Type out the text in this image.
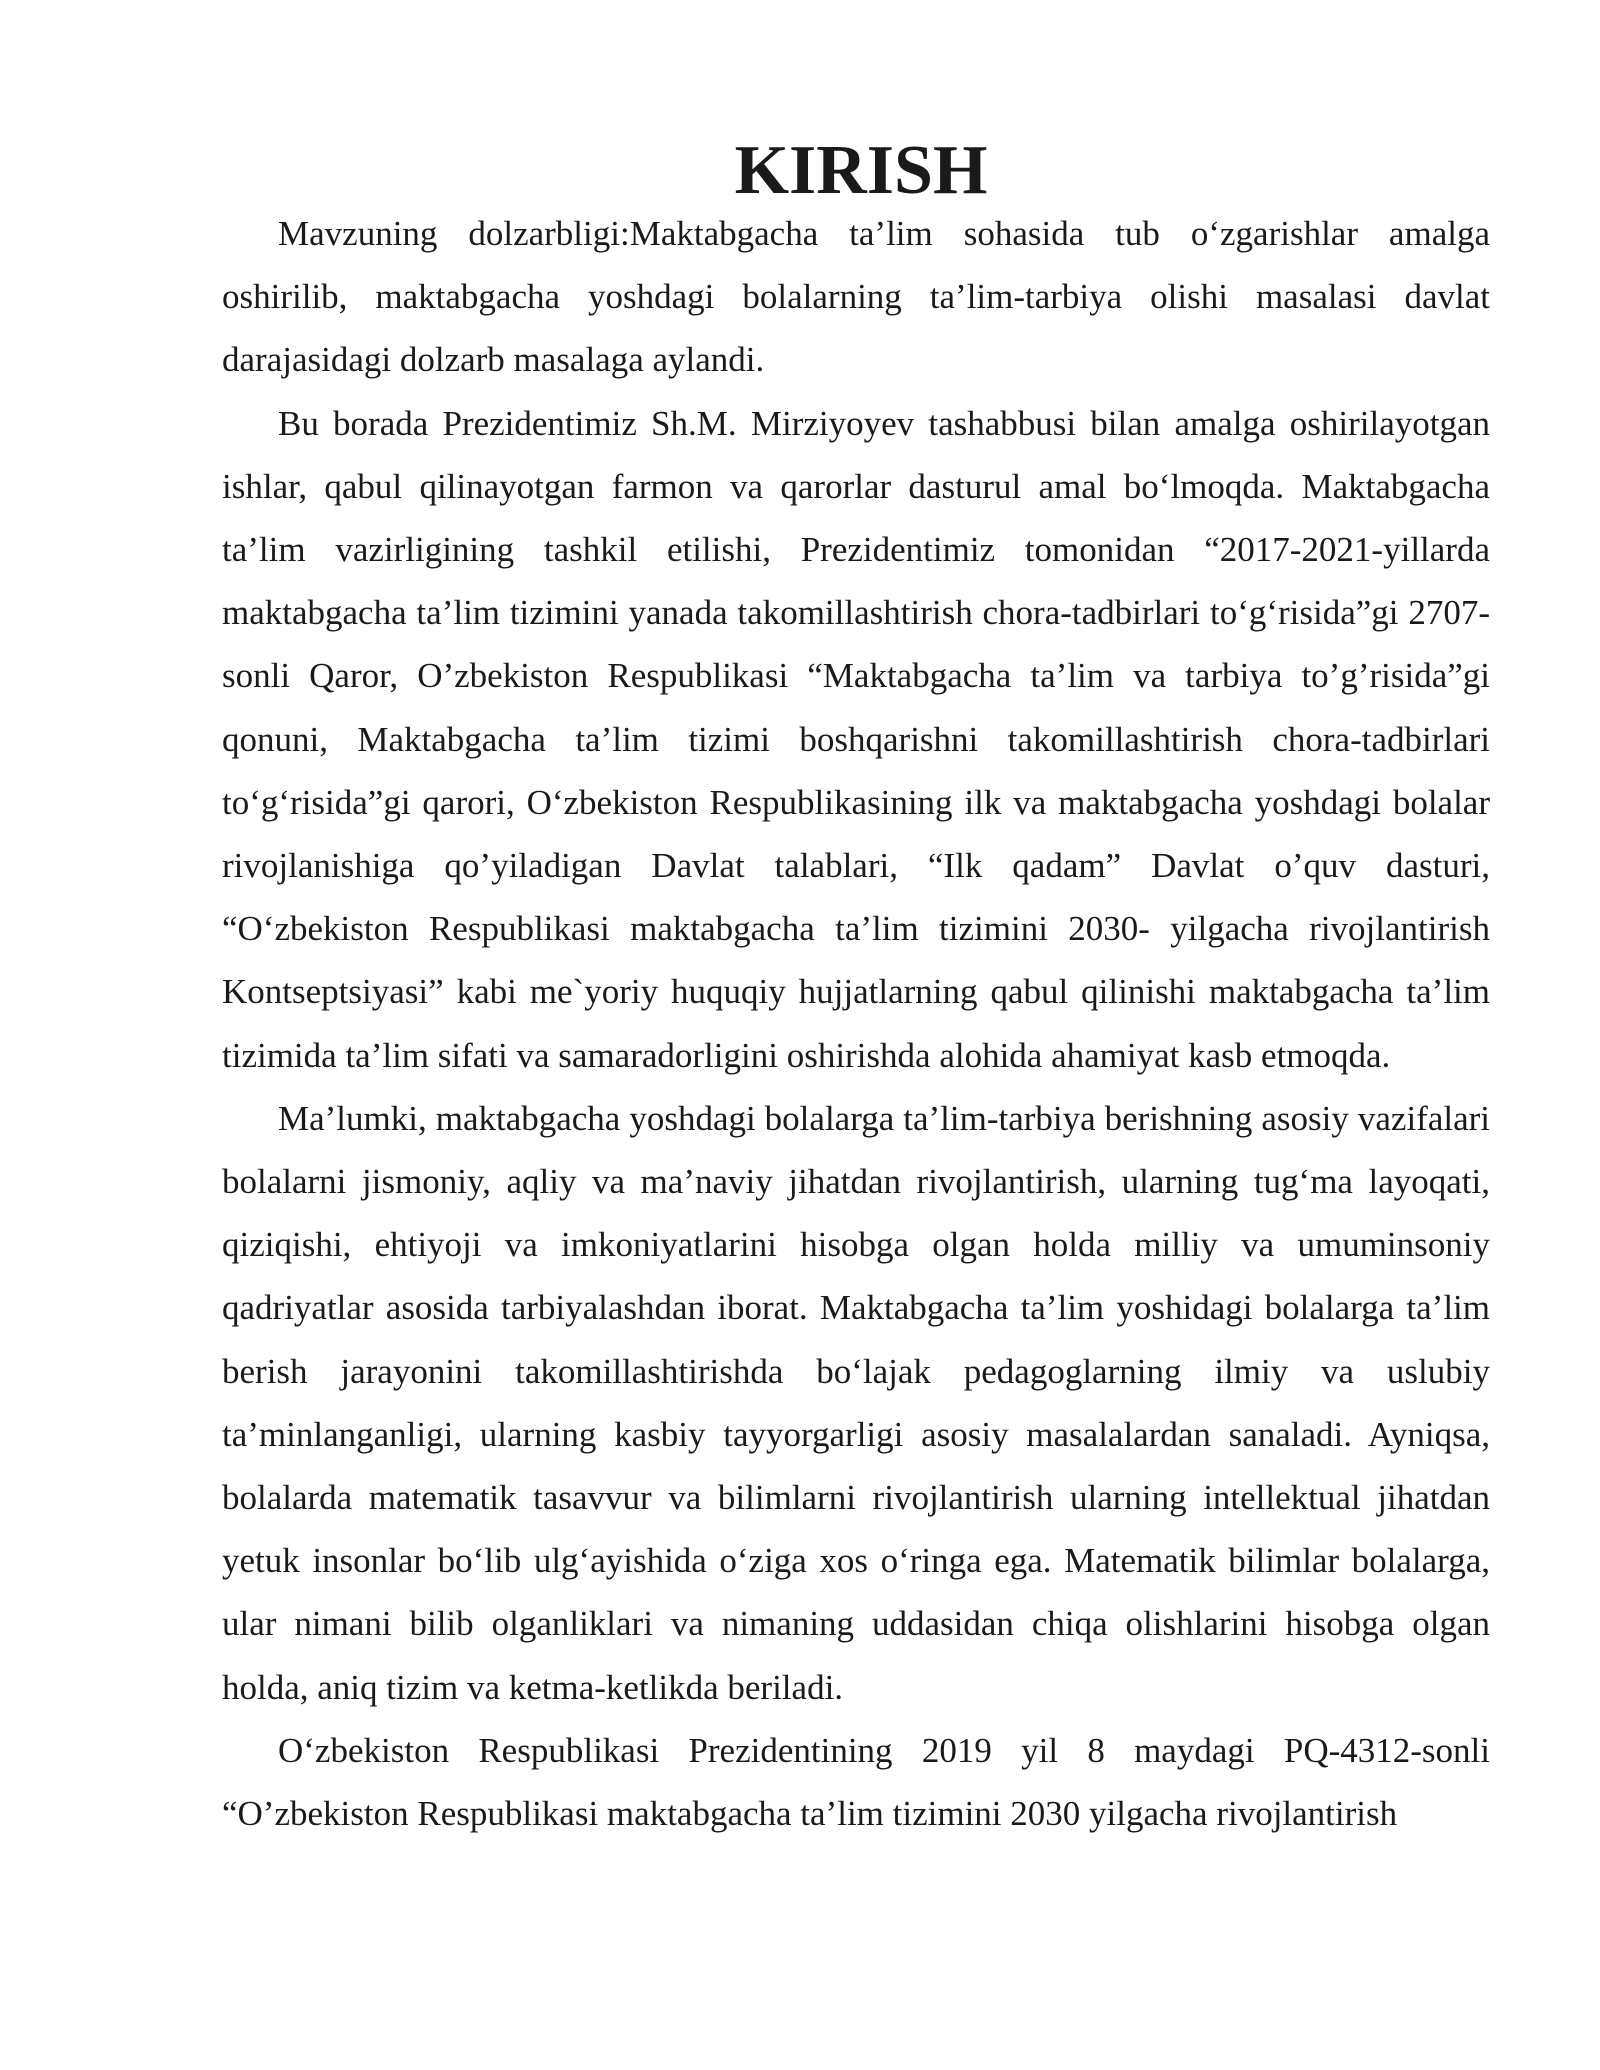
KIRISH

Mavzuning dolzarbligi:Maktabgacha ta’lim sohasida tub o‘zgarishlar amalga oshirilib, maktabgacha yoshdagi bolalarning ta’lim-tarbiya olishi masalasi davlat darajasidagi dolzarb masalaga aylandi.

Bu borada Prezidentimiz Sh.M. Mirziyoyev tashabbusi bilan amalga oshirilayotgan ishlar, qabul qilinayotgan farmon va qarorlar dasturul amal bo‘lmoqda. Maktabgacha ta’lim vazirligining tashkil etilishi, Prezidentimiz tomonidan “2017-2021-yillarda maktabgacha ta’lim tizimini yanada takomillashtirish chora-tadbirlari to‘g‘risida”gi 2707-sonli Qaror, O’zbekiston Respublikasi “Maktabgacha ta’lim va tarbiya to’g’risida”gi qonuni, Maktabgacha ta’lim tizimi boshqarishni takomillashtirish chora-tadbirlari to‘g‘risida”gi qarori, O‘zbekiston Respublikasining ilk va maktabgacha yoshdagi bolalar rivojlanishiga qo’yiladigan Davlat talablari, “Ilk qadam” Davlat o’quv dasturi, “O‘zbekiston Respublikasi maktabgacha ta’lim tizimini 2030- yilgacha rivojlantirish Kontseptsiyasi” kabi me`yoriy huquqiy hujjatlarning qabul qilinishi maktabgacha ta’lim tizimida ta’lim sifati va samaradorligini oshirishda alohida ahamiyat kasb etmoqda.

Ma’lumki, maktabgacha yoshdagi bolalarga ta’lim-tarbiya berishning asosiy vazifalari bolalarni jismoniy, aqliy va ma’naviy jihatdan rivojlantirish, ularning tug‘ma layoqati, qiziqishi, ehtiyoji va imkoniyatlarini hisobga olgan holda milliy va umuminsoniy qadriyatlar asosida tarbiyalashdan iborat. Maktabgacha ta’lim yoshidagi bolalarga ta’lim berish jarayonini takomillashtirishda bo‘lajak pedagoglarning ilmiy va uslubiy ta’minlanganligi, ularning kasbiy tayyorgarligi asosiy masalalardan sanaladi. Ayniqsa, bolalarda matematik tasavvur va bilimlarni rivojlantirish ularning intellektual jihatdan yetuk insonlar bo‘lib ulg‘ayishida o‘ziga xos o‘ringa ega. Matematik bilimlar bolalarga, ular nimani bilib olganliklari va nimaning uddasidan chiqa olishlarini hisobga olgan holda, aniq tizim va ketma-ketlikda beriladi.

O‘zbekiston Respublikasi Prezidentining 2019 yil 8 maydagi PQ-4312-sonli “O’zbekiston Respublikasi maktabgacha ta’lim tizimini 2030 yilgacha rivojlantirish
